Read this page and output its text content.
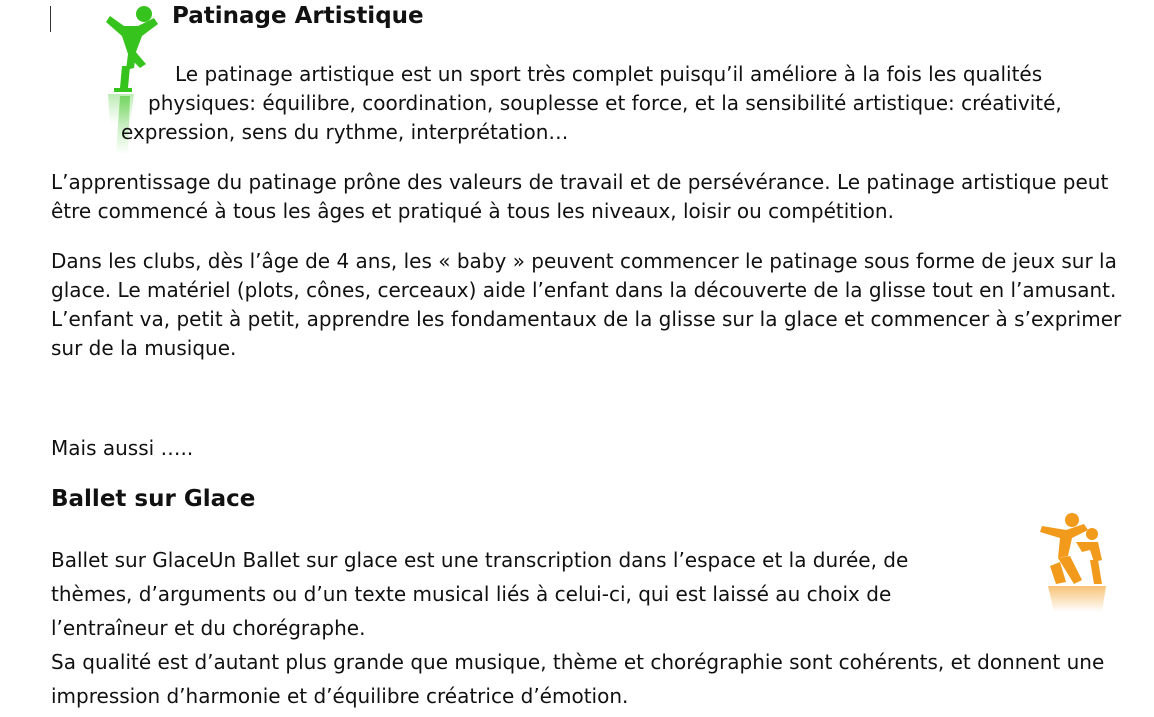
Patinage Artistique

Le patinage artistique est un sport très complet puisqu’il améliore à la fois les qualités

physiques: équilibre, coordination, souplesse et force, et la sensibilité artistique: créativité,

expression, sens du rythme, interprétation…

L’apprentissage du patinage prône des valeurs de travail et de persévérance. Le patinage artistique peut être commencé à tous les âges et pratiqué à tous les niveaux, loisir ou compétition.

Dans les clubs, dès l’âge de 4 ans, les « baby » peuvent commencer le patinage sous forme de jeux sur la glace. Le matériel (plots, cônes, cerceaux) aide l’enfant dans la découverte de la glisse tout en l’amusant. L’enfant va, petit à petit, apprendre les fondamentaux de la glisse sur la glace et commencer à s’exprimer sur de la musique.

Mais aussi …..

Ballet sur Glace

Ballet sur GlaceUn Ballet sur glace est une transcription dans l’espace et la durée, de thèmes, d’arguments ou d’un texte musical liés à celui-ci, qui est laissé au choix de l’entraîneur et du chorégraphe.

Sa qualité est d’autant plus grande que musique, thème et chorégraphie sont cohérents, et donnent une impression d’harmonie et d’équilibre créatrice d’émotion.
